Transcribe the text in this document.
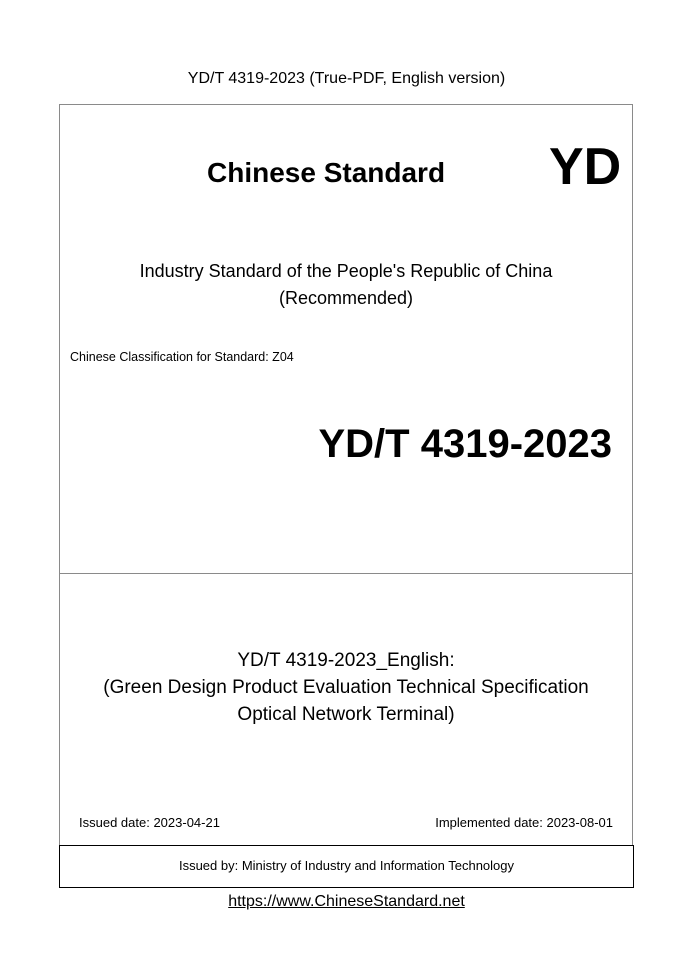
YD/T 4319-2023 (True-PDF, English version)
Chinese Standard YD
Industry Standard of the People's Republic of China
(Recommended)
Chinese Classification for Standard: Z04
YD/T 4319-2023
YD/T 4319-2023_English:
(Green Design Product Evaluation Technical Specification
Optical Network Terminal)
Issued date: 2023-04-21	Implemented date: 2023-08-01
Issued by: Ministry of Industry and Information Technology
https://www.ChineseStandard.net
